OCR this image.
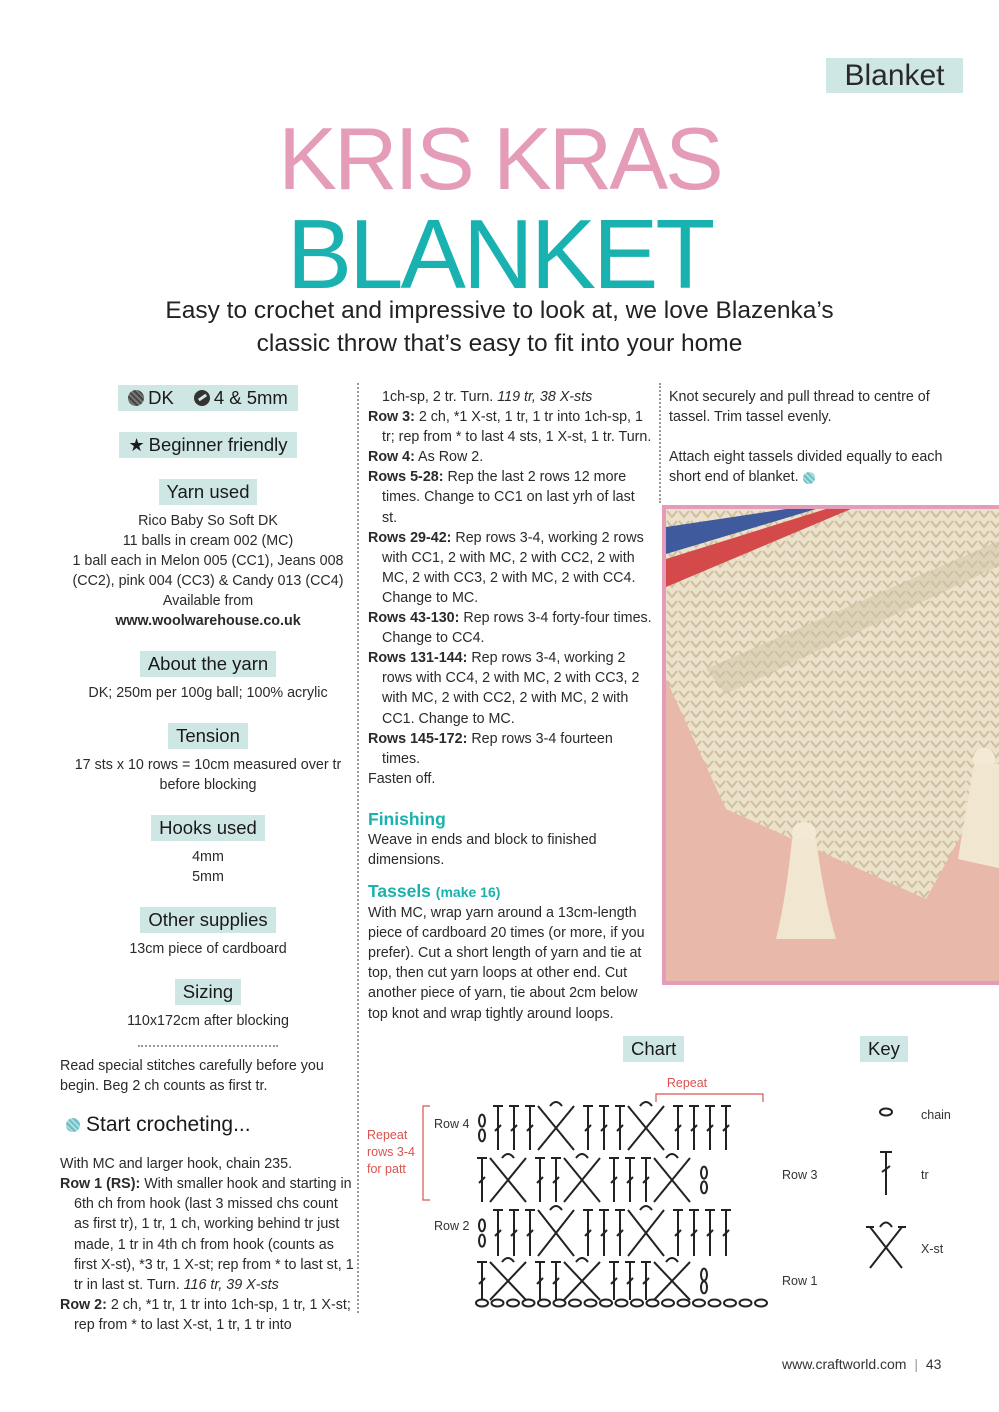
Blanket
KRIS KRAS
BLANKET
Easy to crochet and impressive to look at, we love Blazenka’s
classic throw that’s easy to fit into your home
DK 4 & 5mm
★ Beginner friendly
Yarn used
Rico Baby So Soft DK
11 balls in cream 002 (MC)
1 ball each in Melon 005 (CC1), Jeans 008
(CC2), pink 004 (CC3) & Candy 013 (CC4)
Available from
www.woolwarehouse.co.uk
About the yarn
DK; 250m per 100g ball; 100% acrylic
Tension
17 sts x 10 rows = 10cm measured over tr
before blocking
Hooks used
4mm
5mm
Other supplies
13cm piece of cardboard
Sizing
110x172cm after blocking

Read special stitches carefully before you begin. Beg 2 ch counts as first tr.

Start crocheting...

With MC and larger hook, chain 235.

Row 1 (RS): With smaller hook and starting in 6th ch from hook (last 3 missed chs count as first tr), 1 tr, 1 ch, working behind tr just made, 1 tr in 4th ch from hook (counts as first X-st), *3 tr, 1 X-st; rep from * to last st, 1 tr in last st. Turn. 116 tr, 39 X-sts

Row 2: 2 ch, *1 tr, 1 tr into 1ch-sp, 1 tr, 1 X-st; rep from * to last X-st, 1 tr, 1 tr into

1ch-sp, 2 tr. Turn. 119 tr, 38 X-sts

Row 3: 2 ch, *1 X-st, 1 tr, 1 tr into 1ch-sp, 1 tr; rep from * to last 4 sts, 1 X-st, 1 tr. Turn.

Row 4: As Row 2.

Rows 5-28: Rep the last 2 rows 12 more times. Change to CC1 on last yrh of last st.

Rows 29-42: Rep rows 3-4, working 2 rows with CC1, 2 with MC, 2 with CC2, 2 with MC, 2 with CC3, 2 with MC, 2 with CC4. Change to MC.

Rows 43-130: Rep rows 3-4 forty-four times. Change to CC4.

Rows 131-144: Rep rows 3-4, working 2 rows with CC4, 2 with MC, 2 with CC3, 2 with MC, 2 with CC2, 2 with MC, 2 with CC1. Change to MC.

Rows 145-172: Rep rows 3-4 fourteen times.

Fasten off.

Finishing

Weave in ends and block to finished dimensions.

Tassels (make 16)

With MC, wrap yarn around a 13cm-length piece of cardboard 20 times (or more, if you prefer). Cut a short length of yarn and tie at top, then cut yarn loops at other end. Cut another piece of yarn, tie about 2cm below top knot and wrap tightly around loops.

Knot securely and pull thread to centre of tassel. Trim tassel evenly.

Attach eight tassels divided equally to each short end of blanket.

Chart	Key
Repeat
Repeat
rows 3-4
for patt
Row 4
Row 3
Row 2
Row 1
chain
tr
X-st
www.craftworld.com | 43
